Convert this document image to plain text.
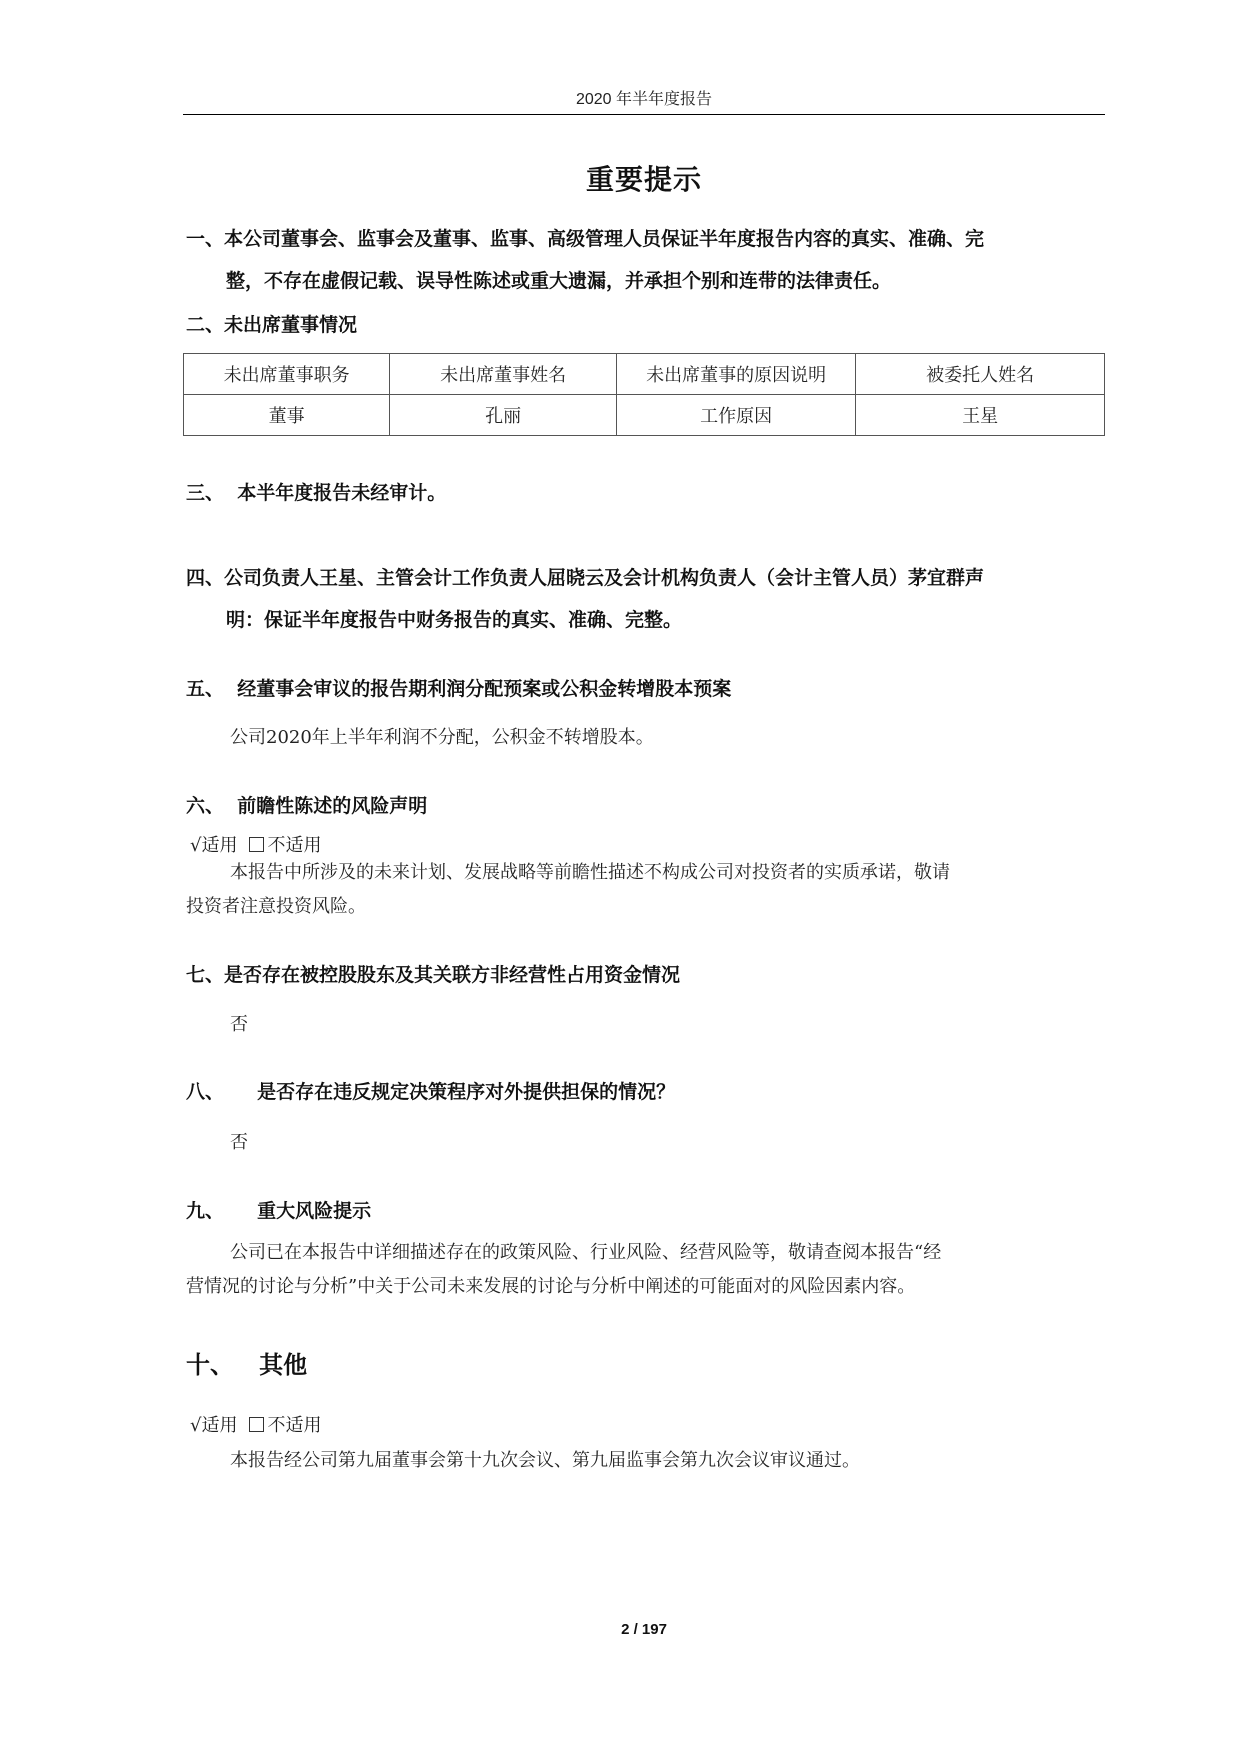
2020 年半年度报告
重要提示
一、本公司董事会、监事会及董事、监事、高级管理人员保证半年度报告内容的真实、准确、完
整，不存在虚假记载、误导性陈述或重大遗漏，并承担个别和连带的法律责任。
二、未出席董事情况
未出席董事职务	未出席董事姓名	未出席董事的原因说明	被委托人姓名
董事	孔丽	工作原因	王星
三、 本半年度报告未经审计。
四、公司负责人王星、主管会计工作负责人屈晓云及会计机构负责人（会计主管人员）茅宜群声
明：保证半年度报告中财务报告的真实、准确、完整。
五、 经董事会审议的报告期利润分配预案或公积金转增股本预案
公司2020年上半年利润不分配，公积金不转增股本。
六、 前瞻性陈述的风险声明
√适用 不适用
本报告中所涉及的未来计划、发展战略等前瞻性描述不构成公司对投资者的实质承诺，敬请
投资者注意投资风险。
七、是否存在被控股股东及其关联方非经营性占用资金情况
否
八、 是否存在违反规定决策程序对外提供担保的情况？
否
九、 重大风险提示
公司已在本报告中详细描述存在的政策风险、行业风险、经营风险等，敬请查阅本报告“经
营情况的讨论与分析”中关于公司未来发展的讨论与分析中阐述的可能面对的风险因素内容。
十、 其他
√适用 不适用
本报告经公司第九届董事会第十九次会议、第九届监事会第九次会议审议通过。
2 / 197
